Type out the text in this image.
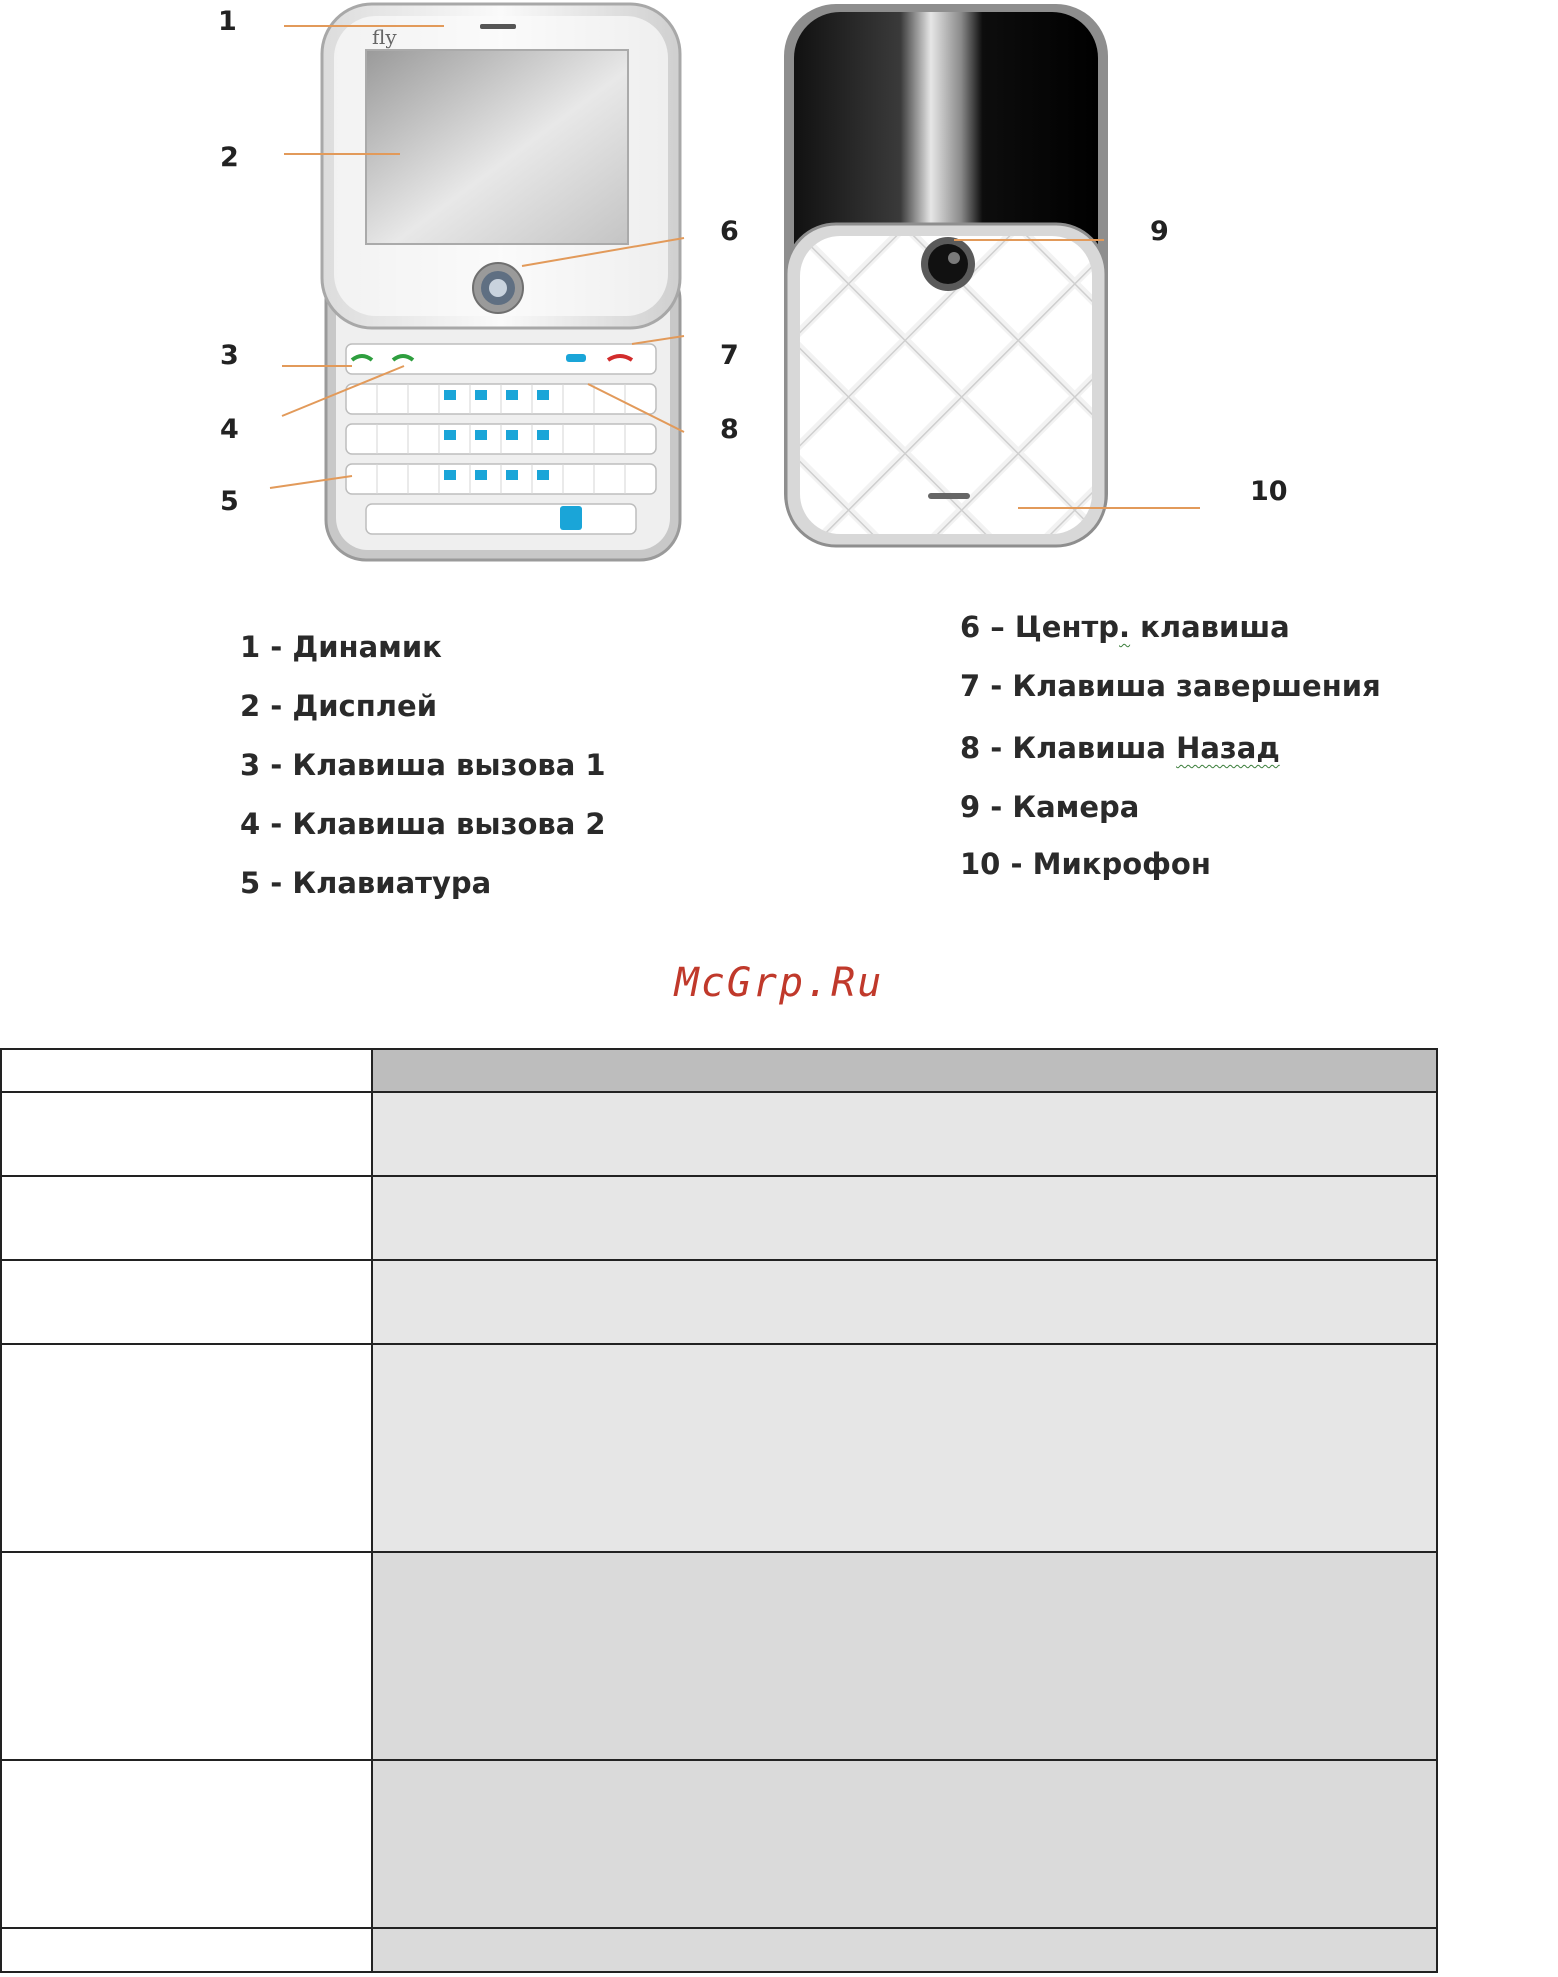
fly
1
2
3
4
5
6
7
8
9
10
1 - Динамик
2 - Дисплей
3 - Клавиша вызова 1
4 - Клавиша вызова 2
5 - Клавиатура
6 – Центр. клавиша
7 - Клавиша завершения
8 - Клавиша Назад
9 - Камера
10 - Микрофон
McGrp.Ru
